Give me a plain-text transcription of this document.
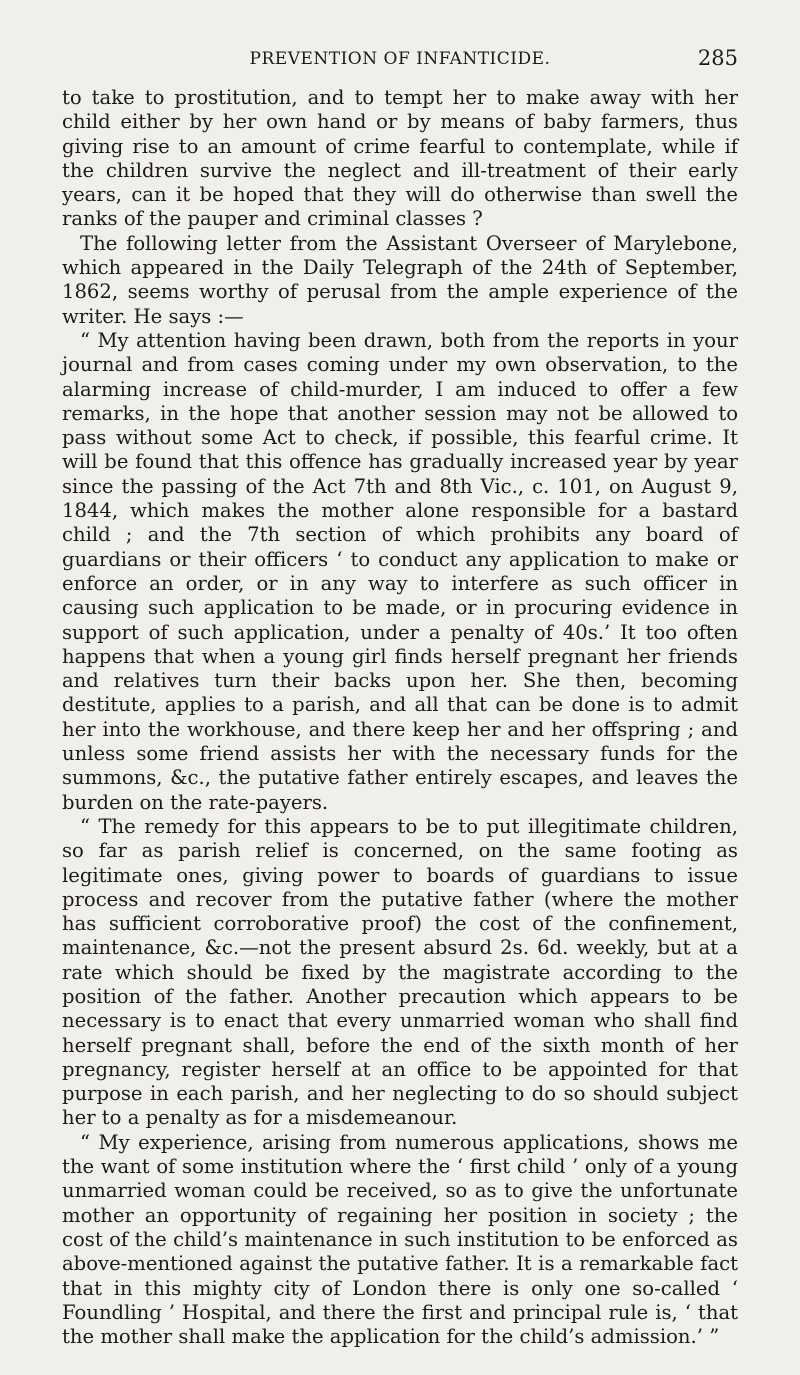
PREVENTION OF INFANTICIDE.	285

to take to prostitution, and to tempt her to make away with her child either by her own hand or by means of baby farmers, thus giving rise to an amount of crime fearful to contemplate, while if the children survive the neglect and ill-treatment of their early years, can it be hoped that they will do otherwise than swell the ranks of the pauper and criminal classes ?

The following letter from the Assistant Overseer of Marylebone, which appeared in the Daily Telegraph of the 24th of September, 1862, seems worthy of perusal from the ample experience of the writer. He says :—

“ My attention having been drawn, both from the reports in your journal and from cases coming under my own observation, to the alarming increase of child-murder, I am induced to offer a few remarks, in the hope that another session may not be allowed to pass without some Act to check, if possible, this fearful crime. It will be found that this offence has gradually increased year by year since the passing of the Act 7th and 8th Vic., c. 101, on August 9, 1844, which makes the mother alone responsible for a bastard child ; and the 7th section of which prohibits any board of guardians or their officers ‘ to conduct any application to make or enforce an order, or in any way to interfere as such officer in causing such application to be made, or in procuring evidence in support of such application, under a penalty of 40s.’ It too often happens that when a young girl finds herself pregnant her friends and relatives turn their backs upon her. She then, becoming destitute, applies to a parish, and all that can be done is to admit her into the workhouse, and there keep her and her offspring ; and unless some friend assists her with the necessary funds for the summons, &c., the putative father entirely escapes, and leaves the burden on the rate-payers.

“ The remedy for this appears to be to put illegitimate children, so far as parish relief is concerned, on the same footing as legitimate ones, giving power to boards of guardians to issue process and recover from the putative father (where the mother has sufficient corroborative proof) the cost of the confinement, maintenance, &c.—not the present absurd 2s. 6d. weekly, but at a rate which should be fixed by the magistrate according to the position of the father. Another precaution which appears to be necessary is to enact that every unmarried woman who shall find herself pregnant shall, before the end of the sixth month of her pregnancy, register herself at an office to be appointed for that purpose in each parish, and her neglecting to do so should subject her to a penalty as for a misdemeanour.

“ My experience, arising from numerous applications, shows me the want of some institution where the ‘ first child ’ only of a young unmarried woman could be received, so as to give the unfortunate mother an opportunity of regaining her position in society ; the cost of the child’s maintenance in such institution to be enforced as above-mentioned against the putative father. It is a remarkable fact that in this mighty city of London there is only one so-called ‘ Foundling ’ Hospital, and there the first and principal rule is, ‘ that the mother shall make the application for the child’s admission.’ ”
